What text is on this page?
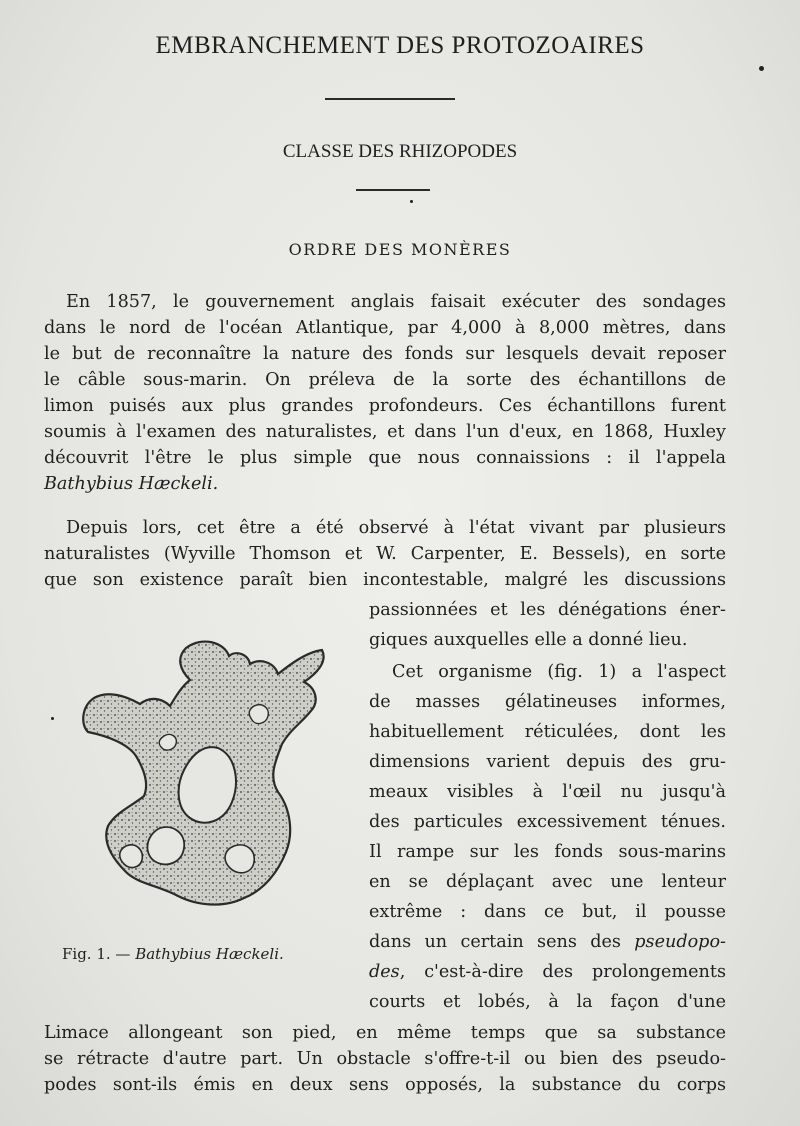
EMBRANCHEMENT DES PROTOZOAIRES
CLASSE DES RHIZOPODES
ORDRE DES MONÈRES
En 1857, le gouvernement anglais faisait exécuter des sondages
dans le nord de l'océan Atlantique, par 4,000 à 8,000 mètres, dans
le but de reconnaître la nature des fonds sur lesquels devait reposer
le câble sous-marin. On préleva de la sorte des échantillons de
limon puisés aux plus grandes profondeurs. Ces échantillons furent
soumis à l'examen des naturalistes, et dans l'un d'eux, en 1868, Huxley
découvrit l'être le plus simple que nous connaissions : il l'appela
Bathybius Hæckeli.
Depuis lors, cet être a été observé à l'état vivant par plusieurs
naturalistes (Wyville Thomson et W. Carpenter, E. Bessels), en sorte
que son existence paraît bien incontestable, malgré les discussions
passionnées et les dénégations éner-
giques auxquelles elle a donné lieu.
Cet organisme (fig. 1) a l'aspect
de masses gélatineuses informes,
habituellement réticulées, dont les
dimensions varient depuis des gru-
meaux visibles à l'œil nu jusqu'à
des particules excessivement ténues.
Il rampe sur les fonds sous-marins
en se déplaçant avec une lenteur
extrême : dans ce but, il pousse
dans un certain sens des pseudopo-
des, c'est-à-dire des prolongements
courts et lobés, à la façon d'une
Limace allongeant son pied, en même temps que sa substance
se rétracte d'autre part. Un obstacle s'offre-t-il ou bien des pseudo-
podes sont-ils émis en deux sens opposés, la substance du corps
Fig. 1. — Bathybius Hæckeli.
